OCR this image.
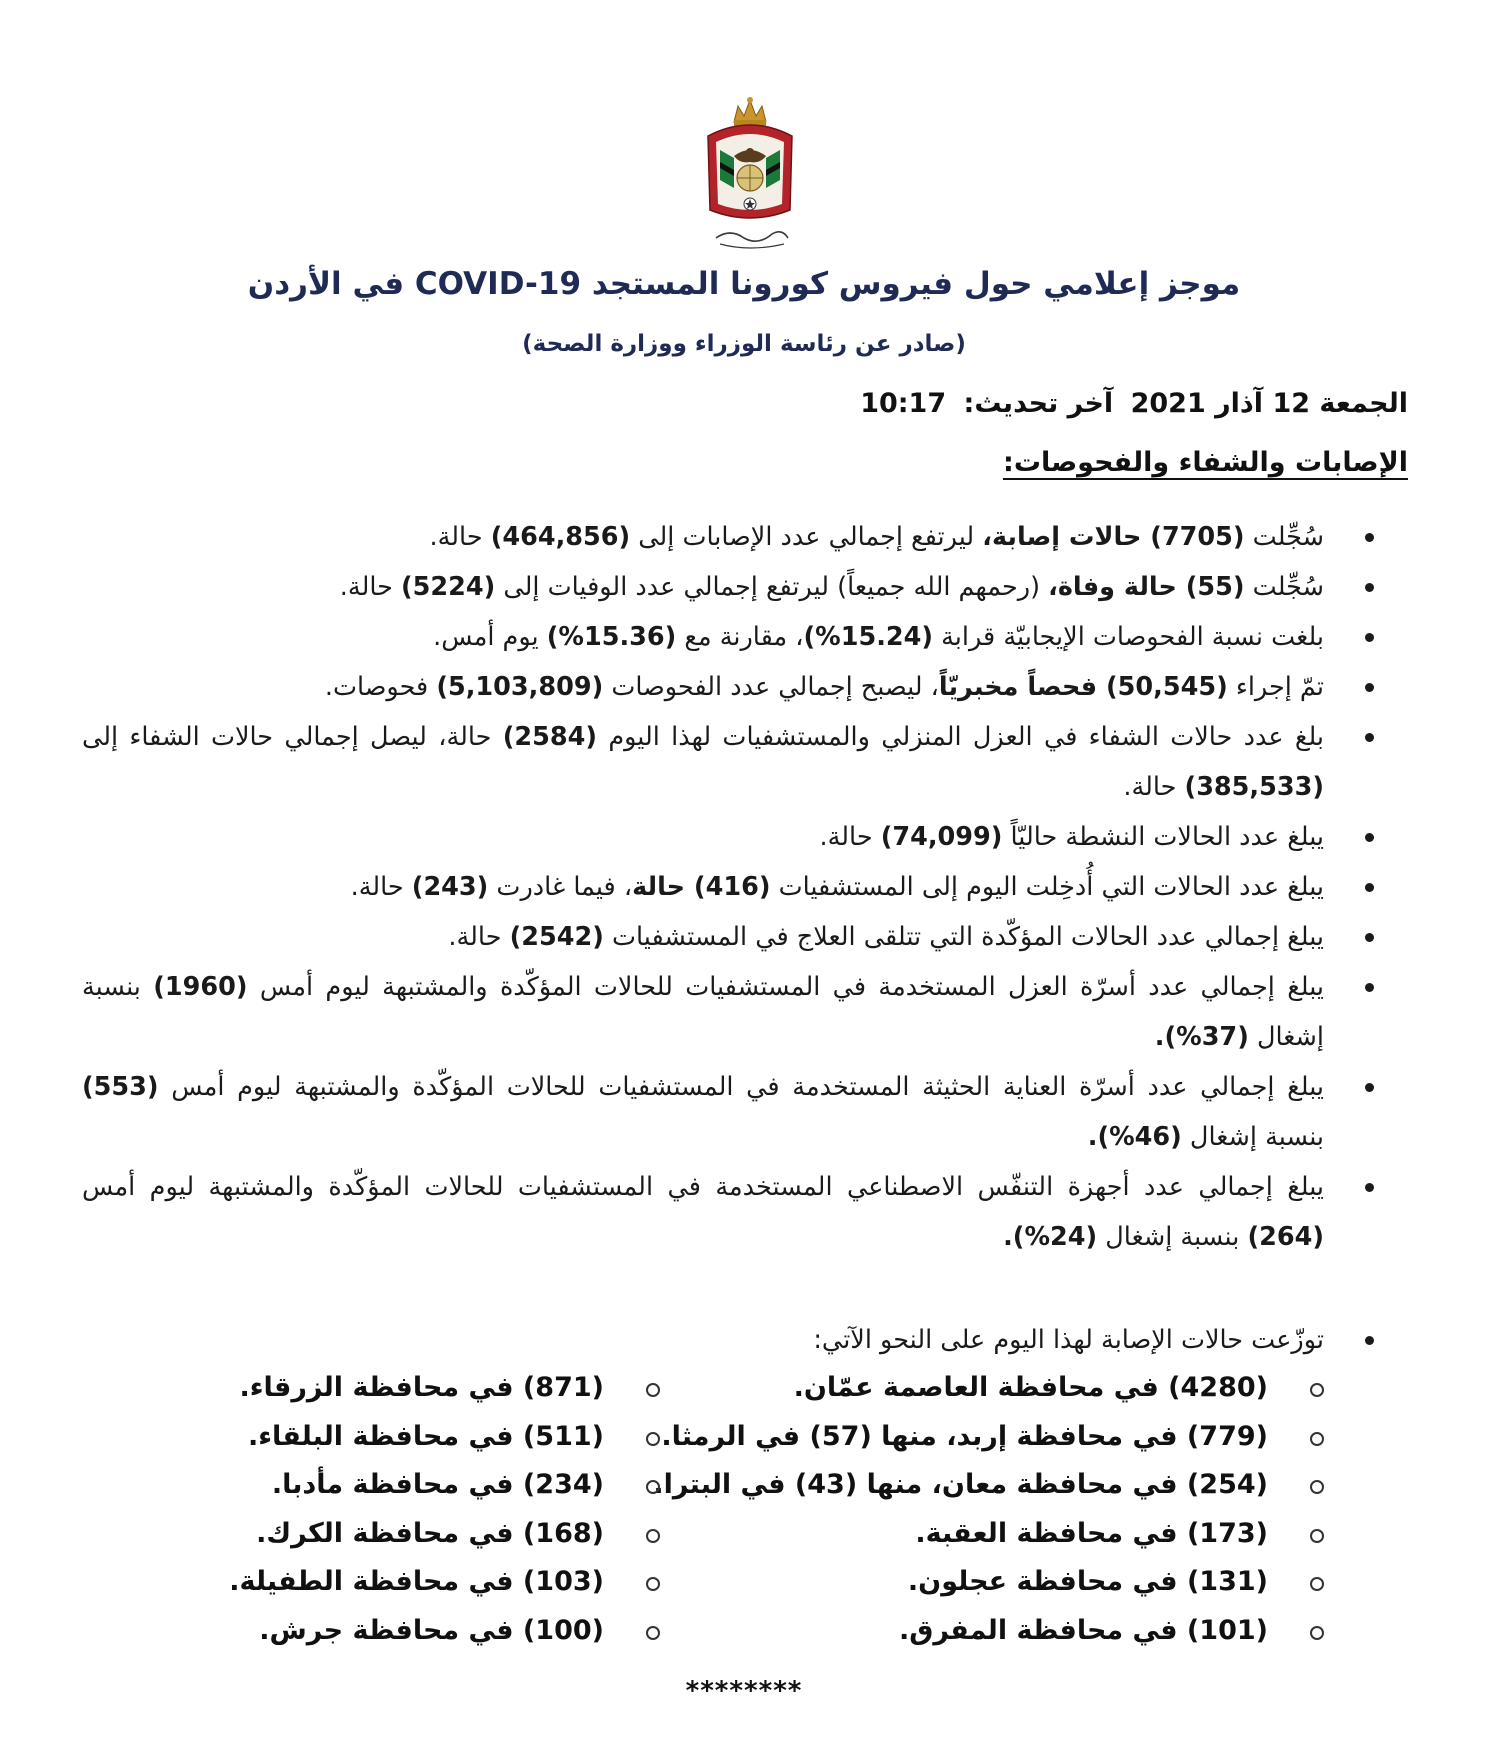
موجز إعلامي حول فيروس كورونا المستجد COVID-19 في الأردن

(صادر عن رئاسة الوزراء ووزارة الصحة)

الجمعة 12 آذار 2021 آخر تحديث: 10:17
الإصابات والشفاء والفحوصات:
سُجِّلت (7705) حالات إصابة، ليرتفع إجمالي عدد الإصابات إلى (464,856) حالة.
سُجِّلت (55) حالة وفاة، (رحمهم الله جميعاً) ليرتفع إجمالي عدد الوفيات إلى (5224) حالة.
بلغت نسبة الفحوصات الإيجابيّة قرابة (15.24%)، مقارنة مع (15.36%) يوم أمس.
تمّ إجراء (50,545) فحصاً مخبريّاً، ليصبح إجمالي عدد الفحوصات (5,103,809) فحوصات.
بلغ عدد حالات الشفاء في العزل المنزلي والمستشفيات لهذا اليوم (2584) حالة، ليصل إجمالي حالات الشفاء إلى (385,533) حالة.
يبلغ عدد الحالات النشطة حاليّاً (74,099) حالة.
يبلغ عدد الحالات التي أُدخِلت اليوم إلى المستشفيات (416) حالة، فيما غادرت (243) حالة.
يبلغ إجمالي عدد الحالات المؤكّدة التي تتلقى العلاج في المستشفيات (2542) حالة.
يبلغ إجمالي عدد أسرّة العزل المستخدمة في المستشفيات للحالات المؤكّدة والمشتبهة ليوم أمس (1960) بنسبة إشغال (37%).
يبلغ إجمالي عدد أسرّة العناية الحثيثة المستخدمة في المستشفيات للحالات المؤكّدة والمشتبهة ليوم أمس (553) بنسبة إشغال (46%).
يبلغ إجمالي عدد أجهزة التنفّس الاصطناعي المستخدمة في المستشفيات للحالات المؤكّدة والمشتبهة ليوم أمس (264) بنسبة إشغال (24%).
توزّعت حالات الإصابة لهذا اليوم على النحو الآتي:
(4280) في محافظة العاصمة عمّان.
(779) في محافظة إربد، منها (57) في الرمثا.
(254) في محافظة معان، منها (43) في البترا.
(173) في محافظة العقبة.
(131) في محافظة عجلون.
(101) في محافظة المفرق.
(871) في محافظة الزرقاء.
(511) في محافظة البلقاء.
(234) في محافظة مأدبا.
(168) في محافظة الكرك.
(103) في محافظة الطفيلة.
(100) في محافظة جرش.
********
